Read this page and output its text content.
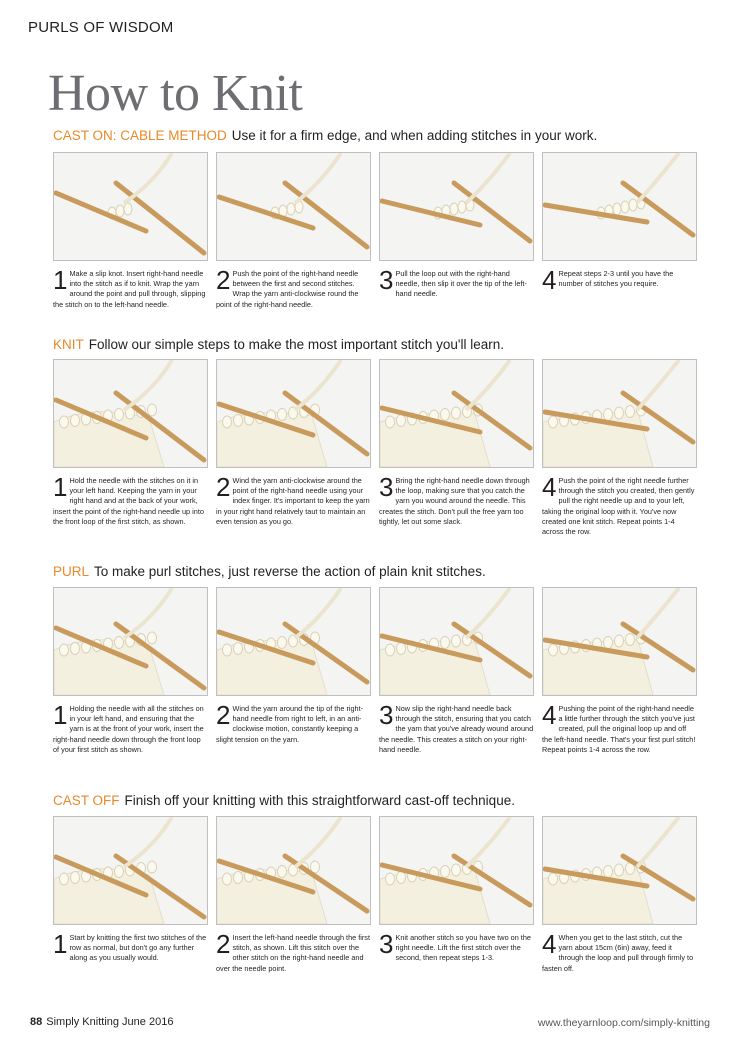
PURLS OF WISDOM
How to Knit
CAST ON: CABLE METHOD Use it for a firm edge, and when adding stitches in your work.
1 Make a slip knot. Insert right-hand needle into the stitch as if to knit. Wrap the yarn around the point and pull through, slipping the stitch on to the left-hand needle.
2 Push the point of the right-hand needle between the first and second stitches. Wrap the yarn anti-clockwise round the point of the right-hand needle.
3 Pull the loop out with the right-hand needle, then slip it over the tip of the left-hand needle.	4 Repeat steps 2-3 until you have the number of stitches you require.
KNIT Follow our simple steps to make the most important stitch you'll learn.
1 Hold the needle with the stitches on it in your left hand. Keeping the yarn in your right hand and at the back of your work, insert the point of the right-hand needle up into the front loop of the first stitch, as shown.
2 Wind the yarn anti-clockwise around the point of the right-hand needle using your index finger. It's important to keep the yarn in your right hand relatively taut to maintain an even tension as you go.
3 Bring the right-hand needle down through the loop, making sure that you catch the yarn you wound around the needle. This creates the stitch. Don't pull the free yarn too tightly, let out some slack.
4 Push the point of the right needle further through the stitch you created, then gently pull the right needle up and to your left, taking the original loop with it. You've now created one knit stitch. Repeat points 1-4 across the row.
PURL To make purl stitches, just reverse the action of plain knit stitches.
1 Holding the needle with all the stitches on in your left hand, and ensuring that the yarn is at the front of your work, insert the right-hand needle down through the front loop of your first stitch as shown.
2 Wind the yarn around the tip of the right-hand needle from right to left, in an anti-clockwise motion, constantly keeping a slight tension on the yarn.
3 Now slip the right-hand needle back through the stitch, ensuring that you catch the yarn that you've already wound around the needle. This creates a stitch on your right-hand needle.
4 Pushing the point of the right-hand needle a little further through the stitch you've just created, pull the original loop up and off the left-hand needle. That's your first purl stitch! Repeat points 1-4 across the row.
CAST OFF Finish off your knitting with this straightforward cast-off technique.
1 Start by knitting the first two stitches of the row as normal, but don't go any further along as you usually would.	2 Insert the left-hand needle through the first stitch, as shown. Lift this stitch over the other stitch on the right-hand needle and over the needle point.
3 Knit another stitch so you have two on the right needle. Lift the first stitch over the second, then repeat steps 1-3.	4 When you get to the last stitch, cut the yarn about 15cm (6in) away, feed it through the loop and pull through firmly to fasten off.
88 Simply Knitting June 2016	www.theyarnloop.com/simply-knitting
